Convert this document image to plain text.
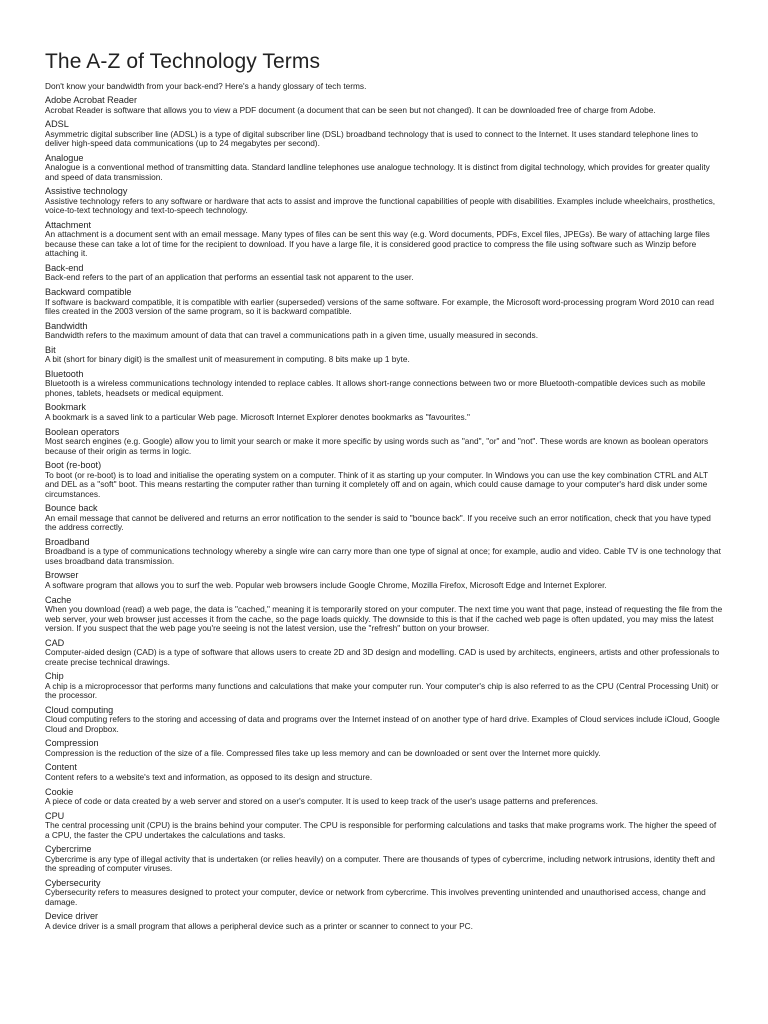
The A-Z of Technology Terms
Don't know your bandwidth from your back-end? Here's a handy glossary of tech terms.
Adobe Acrobat Reader
Acrobat Reader is software that allows you to view a PDF document (a document that can be seen but not changed). It can be downloaded free of charge from Adobe.
ADSL
Asymmetric digital subscriber line (ADSL) is a type of digital subscriber line (DSL) broadband technology that is used to connect to the Internet. It uses standard telephone lines to deliver high-speed data communications (up to 24 megabytes per second).
Analogue
Analogue is a conventional method of transmitting data. Standard landline telephones use analogue technology. It is distinct from digital technology, which provides for greater quality and speed of data transmission.
Assistive technology
Assistive technology refers to any software or hardware that acts to assist and improve the functional capabilities of people with disabilities. Examples include wheelchairs, prosthetics, voice-to-text technology and text-to-speech technology.
Attachment
An attachment is a document sent with an email message. Many types of files can be sent this way (e.g. Word documents, PDFs, Excel files, JPEGs). Be wary of attaching large files because these can take a lot of time for the recipient to download. If you have a large file, it is considered good practice to compress the file using software such as Winzip before attaching it.
Back-end
Back-end refers to the part of an application that performs an essential task not apparent to the user.
Backward compatible
If software is backward compatible, it is compatible with earlier (superseded) versions of the same software. For example, the Microsoft word-processing program Word 2010 can read files created in the 2003 version of the same program, so it is backward compatible.
Bandwidth
Bandwidth refers to the maximum amount of data that can travel a communications path in a given time, usually measured in seconds.
Bit
A bit (short for binary digit) is the smallest unit of measurement in computing. 8 bits make up 1 byte.
Bluetooth
Bluetooth is a wireless communications technology intended to replace cables. It allows short-range connections between two or more Bluetooth-compatible devices such as mobile phones, tablets, headsets or medical equipment.
Bookmark
A bookmark is a saved link to a particular Web page. Microsoft Internet Explorer denotes bookmarks as "favourites."
Boolean operators
Most search engines (e.g. Google) allow you to limit your search or make it more specific by using words such as "and", "or" and "not". These words are known as boolean operators because of their origin as terms in logic.
Boot (re-boot)
To boot (or re-boot) is to load and initialise the operating system on a computer. Think of it as starting up your computer. In Windows you can use the key combination CTRL and ALT and DEL as a "soft" boot. This means restarting the computer rather than turning it completely off and on again, which could cause damage to your computer's hard disk under some circumstances.
Bounce back
An email message that cannot be delivered and returns an error notification to the sender is said to "bounce back". If you receive such an error notification, check that you have typed the address correctly.
Broadband
Broadband is a type of communications technology whereby a single wire can carry more than one type of signal at once; for example, audio and video. Cable TV is one technology that uses broadband data transmission.
Browser
A software program that allows you to surf the web. Popular web browsers include Google Chrome, Mozilla Firefox, Microsoft Edge and Internet Explorer.
Cache
When you download (read) a web page, the data is "cached," meaning it is temporarily stored on your computer. The next time you want that page, instead of requesting the file from the web server, your web browser just accesses it from the cache, so the page loads quickly. The downside to this is that if the cached web page is often updated, you may miss the latest version. If you suspect that the web page you're seeing is not the latest version, use the "refresh" button on your browser.
CAD
Computer-aided design (CAD) is a type of software that allows users to create 2D and 3D design and modelling. CAD is used by architects, engineers, artists and other professionals to create precise technical drawings.
Chip
A chip is a microprocessor that performs many functions and calculations that make your computer run. Your computer's chip is also referred to as the CPU (Central Processing Unit) or the processor.
Cloud computing
Cloud computing refers to the storing and accessing of data and programs over the Internet instead of on another type of hard drive. Examples of Cloud services include iCloud, Google Cloud and Dropbox.
Compression
Compression is the reduction of the size of a file. Compressed files take up less memory and can be downloaded or sent over the Internet more quickly.
Content
Content refers to a website's text and information, as opposed to its design and structure.
Cookie
A piece of code or data created by a web server and stored on a user's computer. It is used to keep track of the user's usage patterns and preferences.
CPU
The central processing unit (CPU) is the brains behind your computer. The CPU is responsible for performing calculations and tasks that make programs work. The higher the speed of a CPU, the faster the CPU undertakes the calculations and tasks.
Cybercrime
Cybercrime is any type of illegal activity that is undertaken (or relies heavily) on a computer. There are thousands of types of cybercrime, including network intrusions, identity theft and the spreading of computer viruses.
Cybersecurity
Cybersecurity refers to measures designed to protect your computer, device or network from cybercrime. This involves preventing unintended and unauthorised access, change and damage.
Device driver
A device driver is a small program that allows a peripheral device such as a printer or scanner to connect to your PC.
